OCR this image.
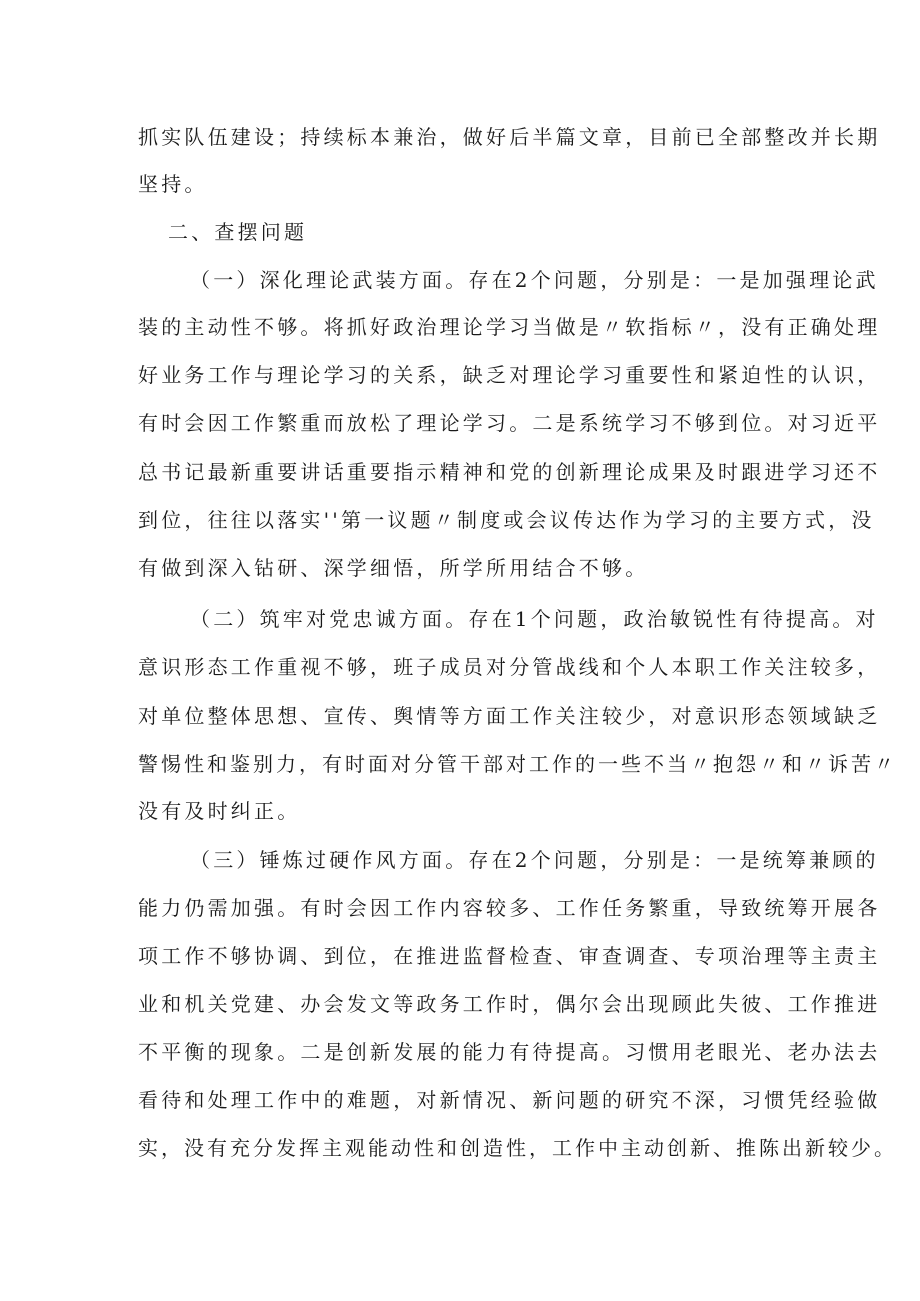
抓实队伍建设；持续标本兼治，做好后半篇文章，目前已全部整改并长期
坚持。
二、查摆问题
（一）深化理论武装方面。存在2个问题，分别是：一是加强理论武
装的主动性不够。将抓好政治理论学习当做是〃软指标〃，没有正确处理
好业务工作与理论学习的关系，缺乏对理论学习重要性和紧迫性的认识，
有时会因工作繁重而放松了理论学习。二是系统学习不够到位。对习近平
总书记最新重要讲话重要指示精神和党的创新理论成果及时跟进学习还不
到位，往往以落实''第一议题〃制度或会议传达作为学习的主要方式，没
有做到深入钻研、深学细悟，所学所用结合不够。
（二）筑牢对党忠诚方面。存在1个问题，政治敏锐性有待提高。对
意识形态工作重视不够，班子成员对分管战线和个人本职工作关注较多，
对单位整体思想、宣传、舆情等方面工作关注较少，对意识形态领域缺乏
警惕性和鉴别力，有时面对分管干部对工作的一些不当〃抱怨〃和〃诉苦〃
没有及时纠正。
（三）锤炼过硬作风方面。存在2个问题，分别是：一是统筹兼顾的
能力仍需加强。有时会因工作内容较多、工作任务繁重，导致统筹开展各
项工作不够协调、到位，在推进监督检查、审查调查、专项治理等主责主
业和机关党建、办会发文等政务工作时，偶尔会出现顾此失彼、工作推进
不平衡的现象。二是创新发展的能力有待提高。习惯用老眼光、老办法去
看待和处理工作中的难题，对新情况、新问题的研究不深，习惯凭经验做
实，没有充分发挥主观能动性和创造性，工作中主动创新、推陈出新较少。
